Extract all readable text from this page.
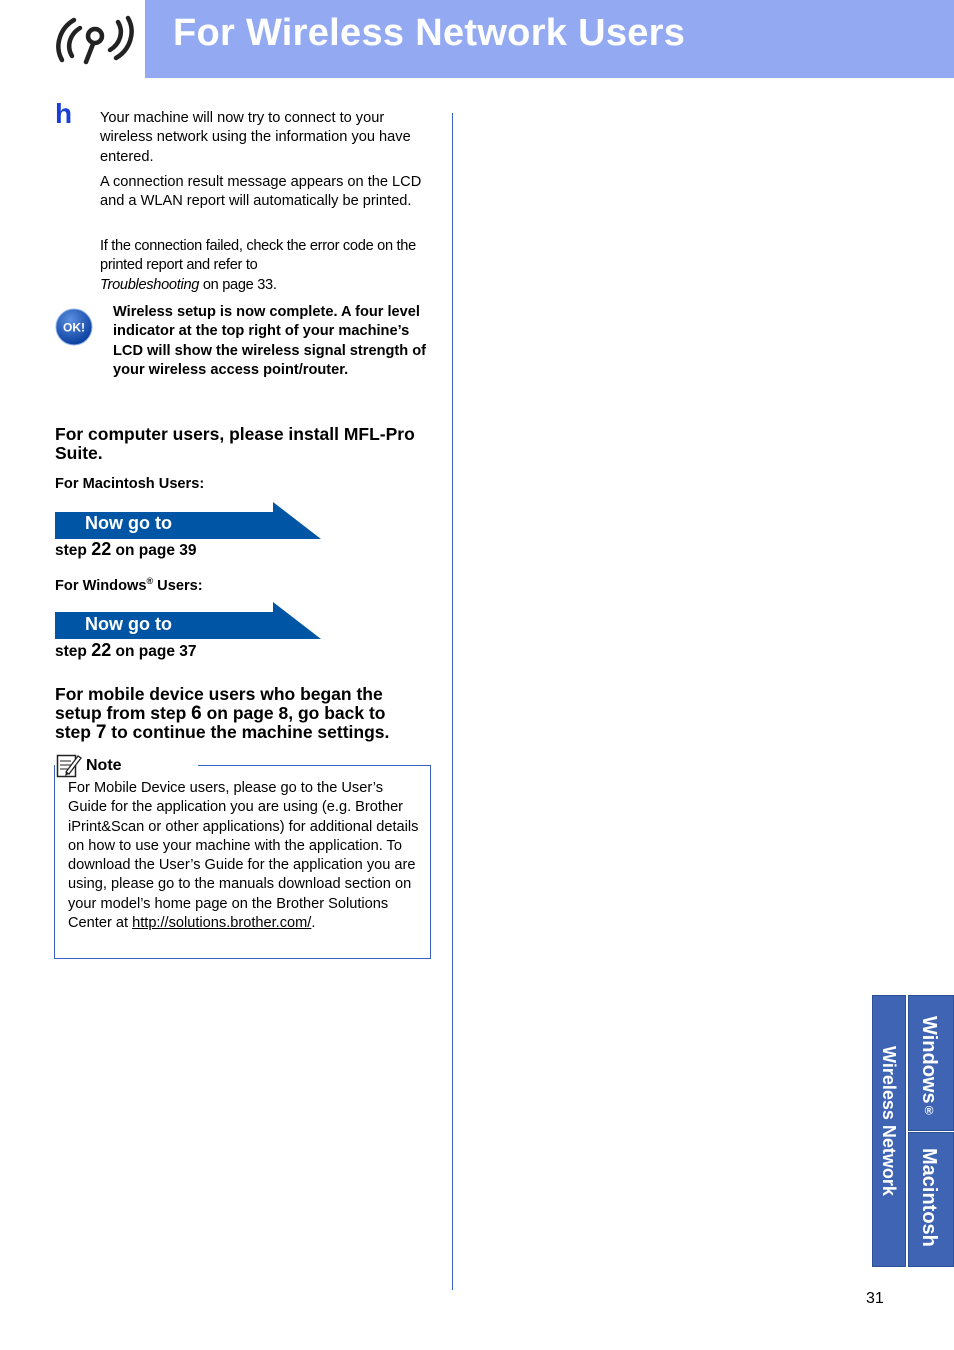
For Wireless Network Users
h Your machine will now try to connect to your wireless network using the information you have entered.
A connection result message appears on the LCD and a WLAN report will automatically be printed.
If the connection failed, check the error code on the printed report and refer to
Troubleshooting on page 33.
OK!
Wireless setup is now complete. A four level indicator at the top right of your machine’s LCD will show the wireless signal strength of your wireless access point/router.
For computer users, please install MFL-Pro Suite.
For Macintosh Users:
Now go to
step 22 on page 39
For Windows® Users:
Now go to
step 22 on page 37
For mobile device users who began the
setup from step 6 on page 8, go back to
step 7 to continue the machine settings.
Note
For Mobile Device users, please go to the User’s Guide for the application you are using (e.g. Brother iPrint&Scan or other applications) for additional details on how to use your machine with the application. To download the User’s Guide for the application you are using, please go to the manuals download section on your model’s home page on the Brother Solutions Center at http://solutions.brother.com/.
Wireless Network Windows®
Macintosh
31
